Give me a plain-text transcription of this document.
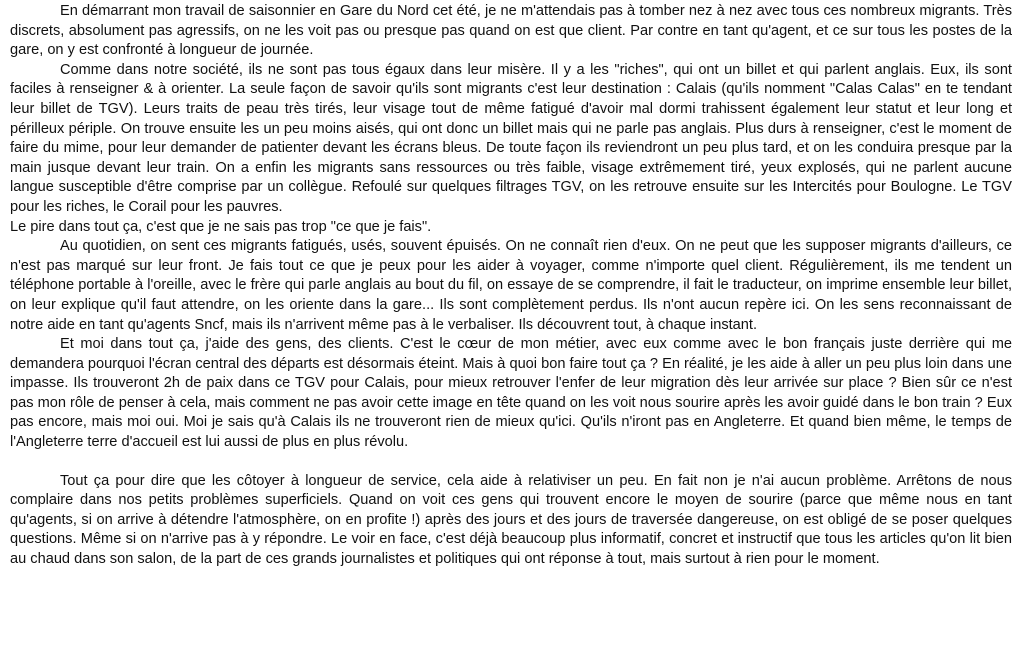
En démarrant mon travail de saisonnier en Gare du Nord cet été, je ne m'attendais pas à tomber nez à nez avec tous ces nombreux migrants. Très discrets, absolument pas agressifs, on ne les voit pas ou presque pas quand on est que client. Par contre en tant qu'agent, et ce sur tous les postes de la gare, on y est confronté à longueur de journée.

Comme dans notre société, ils ne sont pas tous égaux dans leur misère. Il y a les "riches", qui ont un billet et qui parlent anglais. Eux, ils sont faciles à renseigner & à orienter. La seule façon de savoir qu'ils sont migrants c'est leur destination : Calais (qu'ils nomment "Calas Calas" en te tendant leur billet de TGV). Leurs traits de peau très tirés, leur visage tout de même fatigué d'avoir mal dormi trahissent également leur statut et leur long et périlleux périple. On trouve ensuite les un peu moins aisés, qui ont donc un billet mais qui ne parle pas anglais. Plus durs à renseigner, c'est le moment de faire du mime, pour leur demander de patienter devant les écrans bleus. De toute façon ils reviendront un peu plus tard, et on les conduira presque par la main jusque devant leur train. On a enfin les migrants sans ressources ou très faible, visage extrêmement tiré, yeux explosés, qui ne parlent aucune langue susceptible d'être comprise par un collègue. Refoulé sur quelques filtrages TGV, on les retrouve ensuite sur les Intercités pour Boulogne. Le TGV pour les riches, le Corail pour les pauvres.

Le pire dans tout ça, c'est que je ne sais pas trop "ce que je fais".

Au quotidien, on sent ces migrants fatigués, usés, souvent épuisés. On ne connaît rien d'eux. On ne peut que les supposer migrants d'ailleurs, ce n'est pas marqué sur leur front. Je fais tout ce que je peux pour les aider à voyager, comme n'importe quel client. Régulièrement, ils me tendent un téléphone portable à l'oreille, avec le frère qui parle anglais au bout du fil, on essaye de se comprendre, il fait le traducteur, on imprime ensemble leur billet, on leur explique qu'il faut attendre, on les oriente dans la gare... Ils sont complètement perdus. Ils n'ont aucun repère ici. On les sens reconnaissant de notre aide en tant qu'agents Sncf, mais ils n'arrivent même pas à le verbaliser. Ils découvrent tout, à chaque instant.

Et moi dans tout ça, j'aide des gens, des clients. C'est le cœur de mon métier, avec eux comme avec le bon français juste derrière qui me demandera pourquoi l'écran central des départs est désormais éteint. Mais à quoi bon faire tout ça ? En réalité, je les aide à aller un peu plus loin dans une impasse. Ils trouveront 2h de paix dans ce TGV pour Calais, pour mieux retrouver l'enfer de leur migration dès leur arrivée sur place ? Bien sûr ce n'est pas mon rôle de penser à cela, mais comment ne pas avoir cette image en tête quand on les voit nous sourire après les avoir guidé dans le bon train ? Eux pas encore, mais moi oui. Moi je sais qu'à Calais ils ne trouveront rien de mieux qu'ici. Qu'ils n'iront pas en Angleterre. Et quand bien même, le temps de l'Angleterre terre d'accueil est lui aussi de plus en plus révolu.

Tout ça pour dire que les côtoyer à longueur de service, cela aide à relativiser un peu. En fait non je n'ai aucun problème. Arrêtons de nous complaire dans nos petits problèmes superficiels. Quand on voit ces gens qui trouvent encore le moyen de sourire (parce que même nous en tant qu'agents, si on arrive à détendre l'atmosphère, on en profite !) après des jours et des jours de traversée dangereuse, on est obligé de se poser quelques questions. Même si on n'arrive pas à y répondre. Le voir en face, c'est déjà beaucoup plus informatif, concret et instructif que tous les articles qu'on lit bien au chaud dans son salon, de la part de ces grands journalistes et politiques qui ont réponse à tout, mais surtout à rien pour le moment.
